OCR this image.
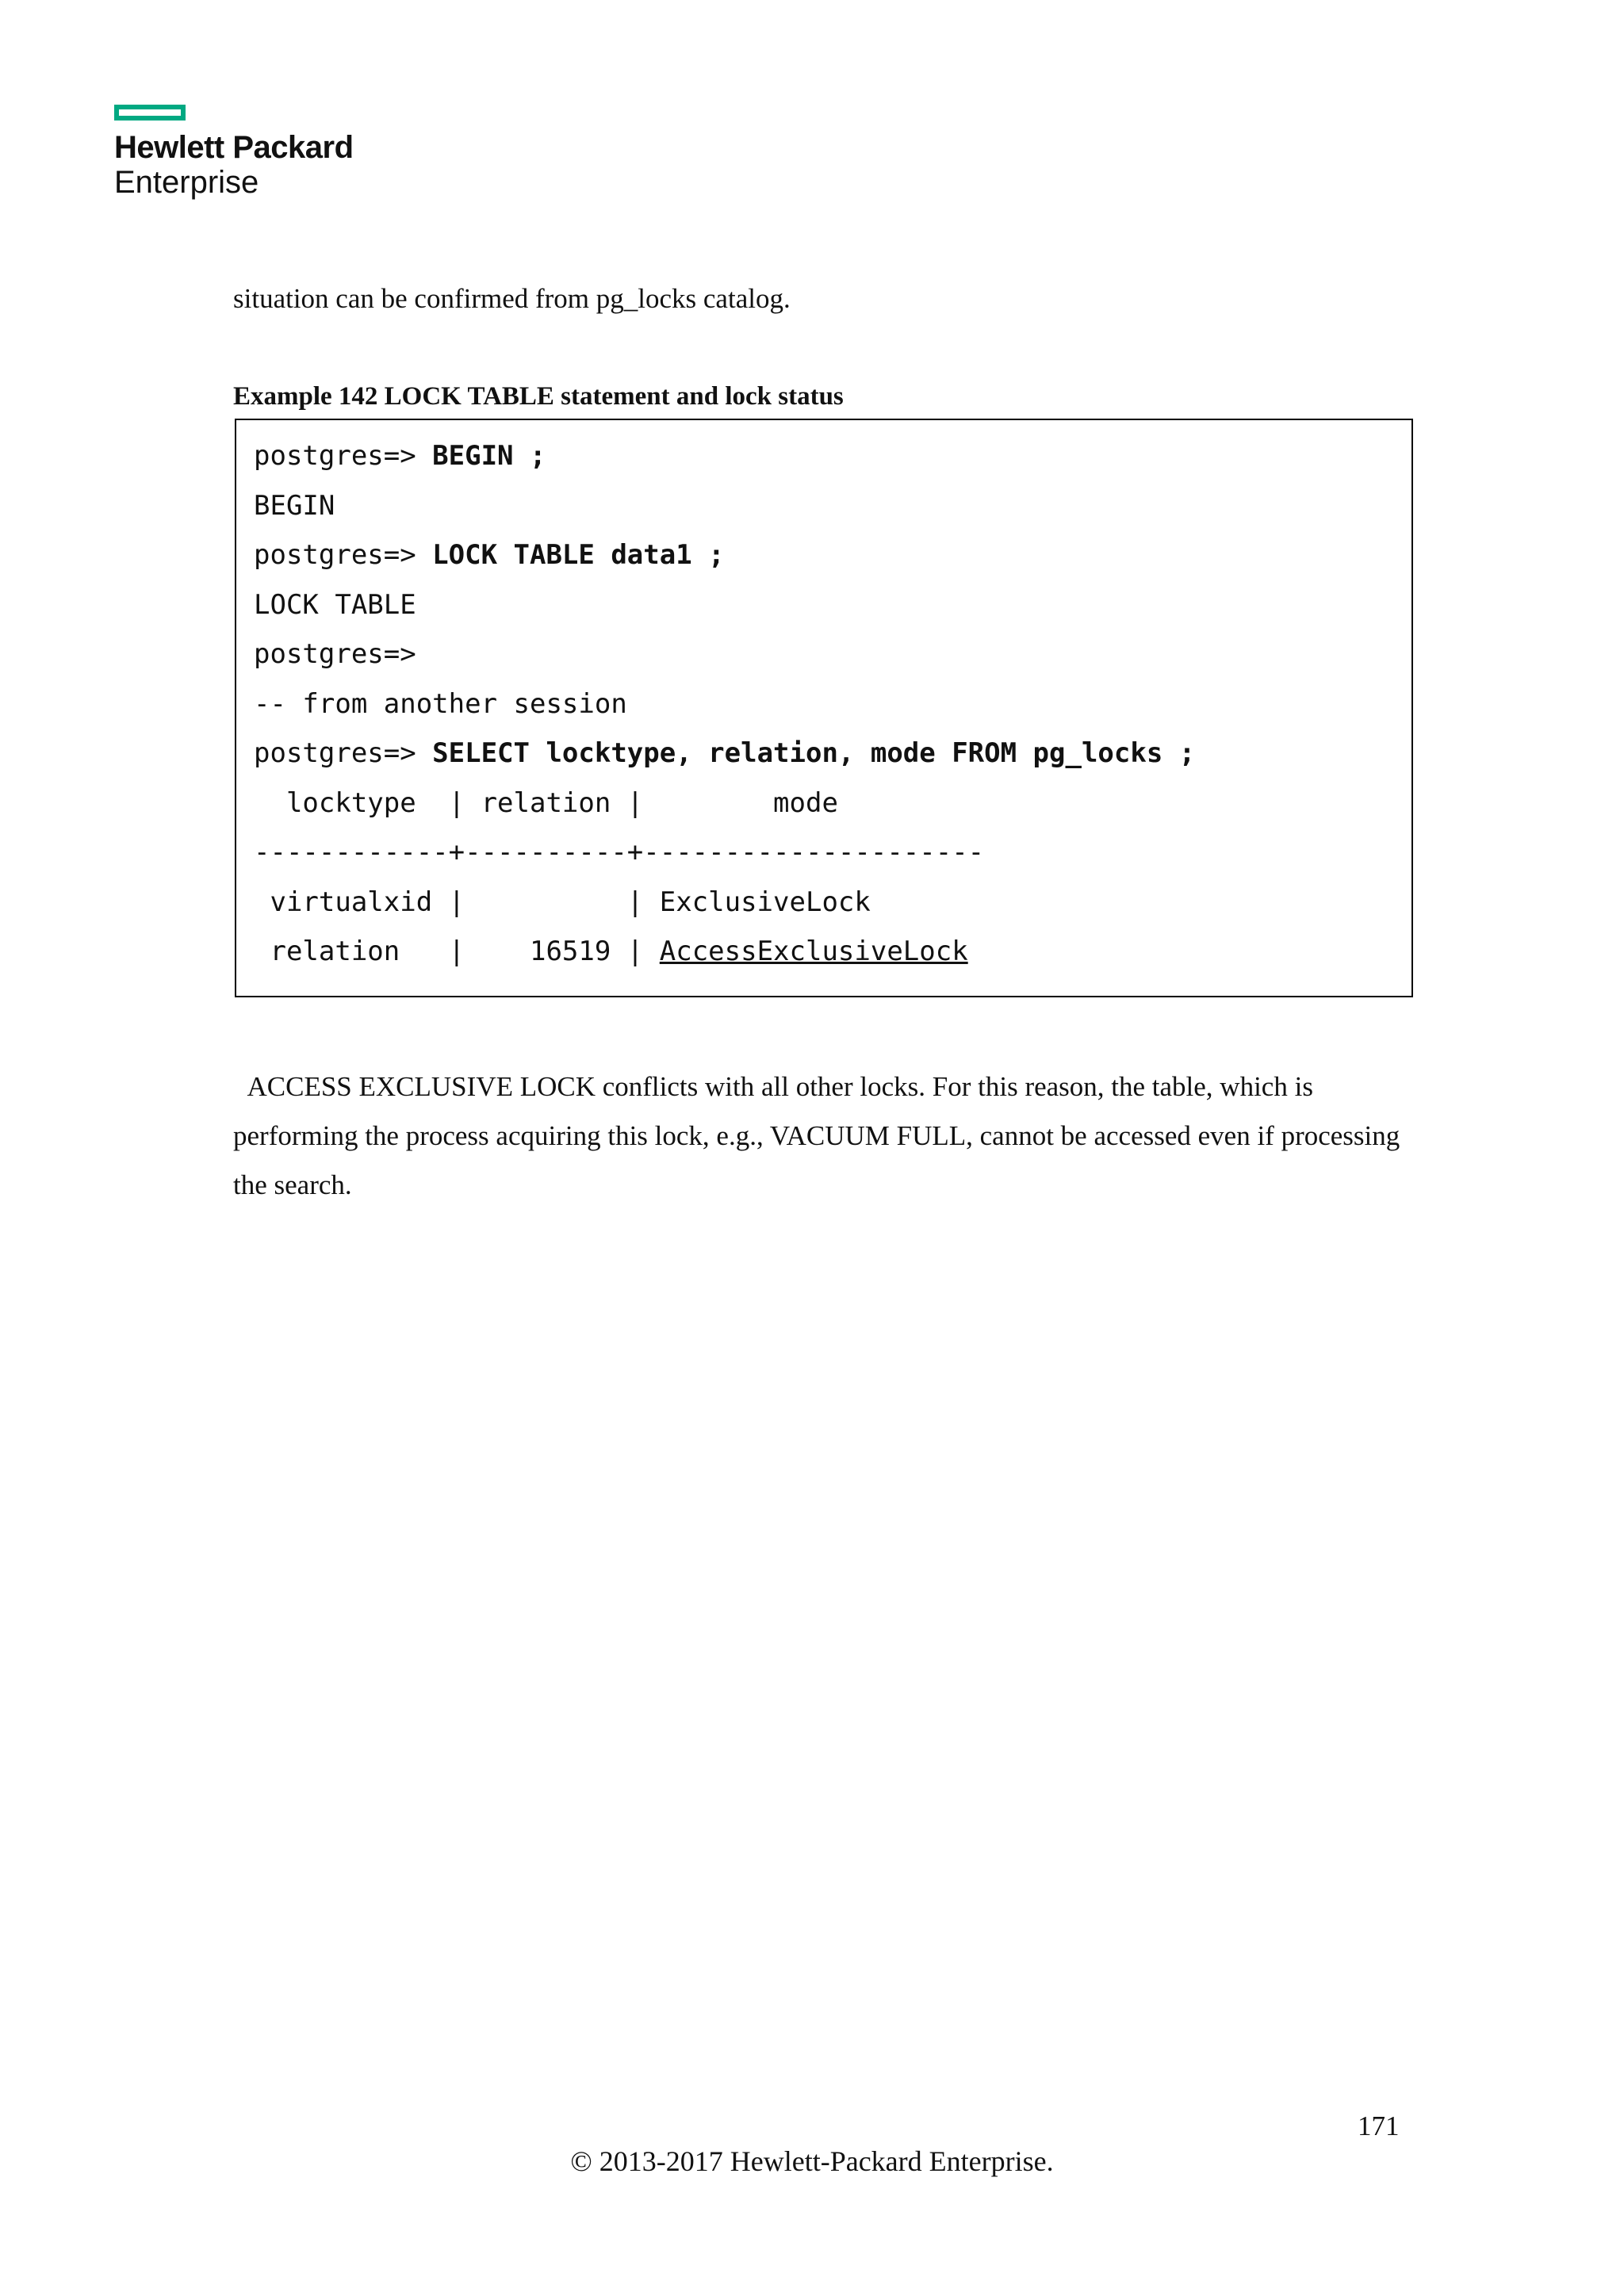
Hewlett Packard
Enterprise

situation can be confirmed from pg_locks catalog.

Example 142 LOCK TABLE statement and lock status

postgres=> BEGIN ;
BEGIN
postgres=> LOCK TABLE data1 ;
LOCK TABLE
postgres=>
-- from another session
postgres=> SELECT locktype, relation, mode FROM pg_locks ;
locktype  | relation |        mode
------------+----------+---------------------
virtualxid |          | ExclusiveLock
relation   |    16519 | AccessExclusiveLock

ACCESS EXCLUSIVE LOCK conflicts with all other locks. For this reason, the table, which is performing the process acquiring this lock, e.g., VACUUM FULL, cannot be accessed even if processing the search.

171
© 2013-2017 Hewlett-Packard Enterprise.
